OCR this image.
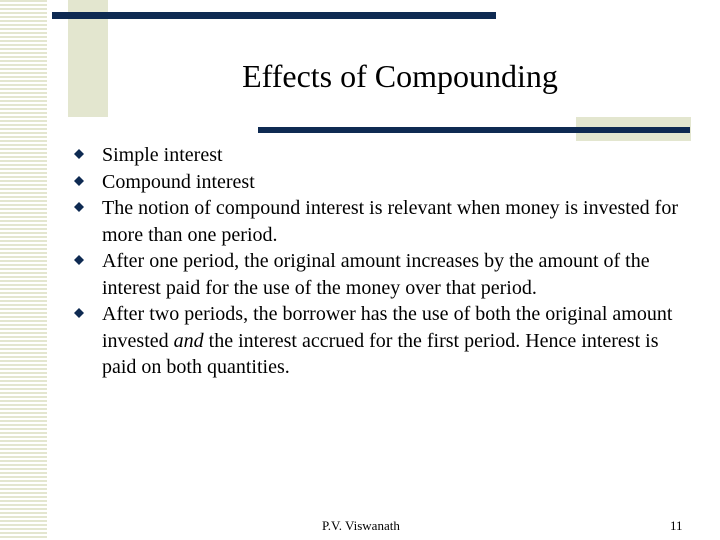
Effects of Compounding
Simple interest
Compound interest
The notion of compound interest is relevant when money is invested for more than one period.
After one period, the original amount increases by the amount of the interest paid for the use of the money over that period.
After two periods, the borrower has the use of both the original amount invested and the interest accrued for the first period. Hence interest is paid on both quantities.
P.V. Viswanath	11
